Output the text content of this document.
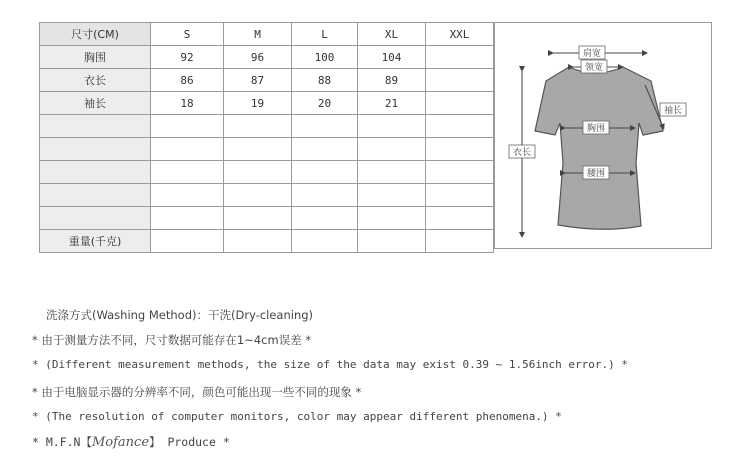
尺寸(CM)	S	M	L	XL	XXL
胸围	92	96	100	104	
衣长	86	87	88	89	
袖长	18	19	20	21	

重量(千克)					
肩宽
领宽
袖长
胸围
腰围
衣长
洗涤方式(Washing Method)：干洗(Dry-cleaning)
* 由于测量方法不同，尺寸数据可能存在1~4cm误差 *
* (Different measurement methods, the size of the data may exist 0.39 ~ 1.56inch error.) *
* 由于电脑显示器的分辨率不同，颜色可能出现一些不同的现象 *
* (The resolution of computer monitors, color may appear different phenomena.) *
* M.F.N【Mofance】 Produce *
